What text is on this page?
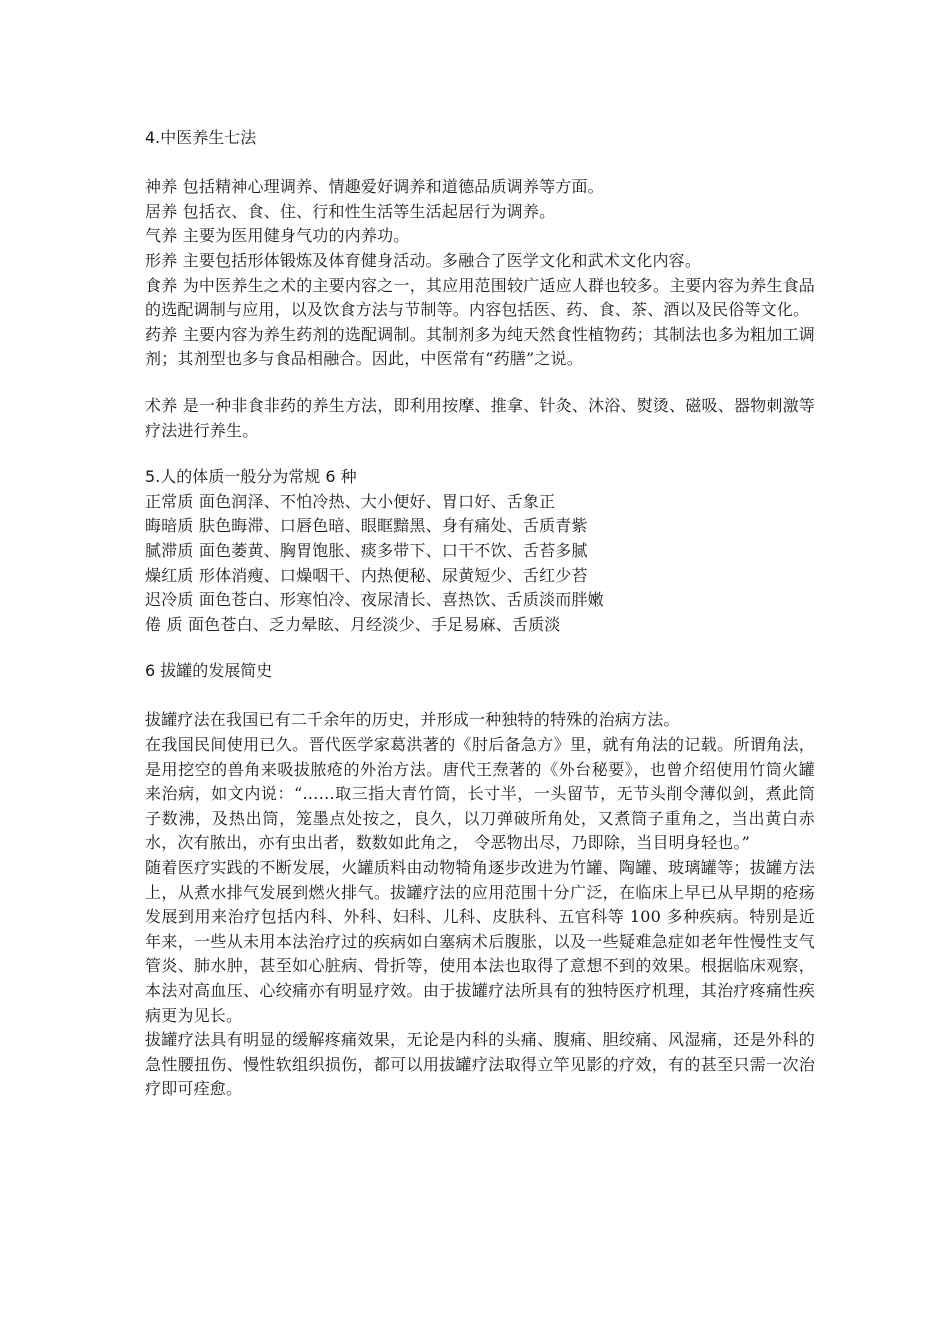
4.中医养生七法

神养 包括精神心理调养、情趣爱好调养和道德品质调养等方面。

居养 包括衣、食、住、行和性生活等生活起居行为调养。

气养 主要为医用健身气功的内养功。

形养 主要包括形体锻炼及体育健身活动。多融合了医学文化和武术文化内容。

食养 为中医养生之术的主要内容之一，其应用范围较广适应人群也较多。主要内容为养生食品的选配调制与应用，以及饮食方法与节制等。内容包括医、药、食、茶、酒以及民俗等文化。

药养 主要内容为养生药剂的选配调制。其制剂多为纯天然食性植物药；其制法也多为粗加工调剂；其剂型也多与食品相融合。因此，中医常有“药膳”之说。

术养 是一种非食非药的养生方法，即利用按摩、推拿、针灸、沐浴、熨烫、磁吸、器物刺激等疗法进行养生。

5.人的体质一般分为常规 6 种

正常质 面色润泽、不怕冷热、大小便好、胃口好、舌象正

晦暗质 肤色晦滞、口唇色暗、眼眶黯黑、身有痛处、舌质青紫

腻滞质 面色萎黄、胸胃饱胀、痰多带下、口干不饮、舌苔多腻

燥红质 形体消瘦、口燥咽干、内热便秘、尿黄短少、舌红少苔

迟冷质 面色苍白、形寒怕冷、夜尿清长、喜热饮、舌质淡而胖嫩

倦 质 面色苍白、乏力晕眩、月经淡少、手足易麻、舌质淡

6 拔罐的发展简史

拔罐疗法在我国已有二千余年的历史，并形成一种独特的特殊的治病方法。

在我国民间使用已久。晋代医学家葛洪著的《肘后备急方》里，就有角法的记载。所谓角法，是用挖空的兽角来吸拔脓疮的外治方法。唐代王焘著的《外台秘要》，也曾介绍使用竹筒火罐来治病，如文内说：“……取三指大青竹筒，长寸半，一头留节，无节头削令薄似剑，煮此筒子数沸，及热出筒，笼墨点处按之，良久，以刀弹破所角处，又煮筒子重角之，当出黄白赤水，次有脓出，亦有虫出者，数数如此角之， 令恶物出尽，乃即除，当目明身轻也。”

随着医疗实践的不断发展，火罐质料由动物犄角逐步改进为竹罐、陶罐、玻璃罐等；拔罐方法上，从煮水排气发展到燃火排气。拔罐疗法的应用范围十分广泛，在临床上早已从早期的疮疡发展到用来治疗包括内科、外科、妇科、儿科、皮肤科、五官科等 100 多种疾病。特别是近年来，一些从未用本法治疗过的疾病如白塞病术后腹胀，以及一些疑难急症如老年性慢性支气管炎、肺水肿，甚至如心脏病、骨折等，使用本法也取得了意想不到的效果。根据临床观察，本法对高血压、心绞痛亦有明显疗效。由于拔罐疗法所具有的独特医疗机理，其治疗疼痛性疾病更为见长。

拔罐疗法具有明显的缓解疼痛效果，无论是内科的头痛、腹痛、胆绞痛、风湿痛，还是外科的急性腰扭伤、慢性软组织损伤，都可以用拔罐疗法取得立竿见影的疗效，有的甚至只需一次治疗即可痊愈。
